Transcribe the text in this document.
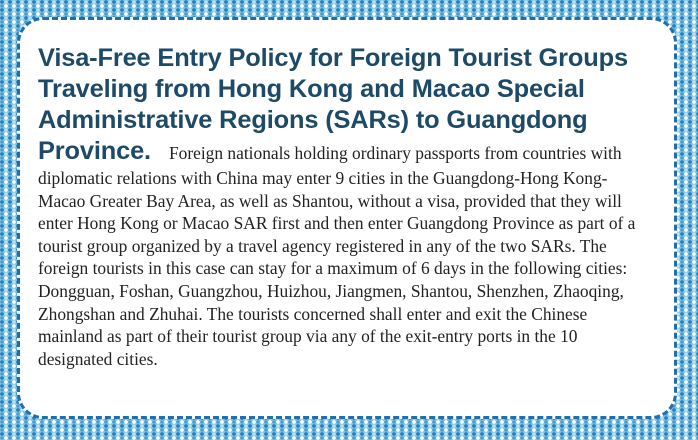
Visa-Free Entry Policy for Foreign Tourist Groups Traveling from Hong Kong and Macao Special Administrative Regions (SARs) to Guangdong Province. Foreign nationals holding ordinary passports from countries with diplomatic relations with China may enter 9 cities in the Guangdong-Hong Kong-Macao Greater Bay Area, as well as Shantou, without a visa, provided that they will enter Hong Kong or Macao SAR first and then enter Guangdong Province as part of a tourist group organized by a travel agency registered in any of the two SARs. The foreign tourists in this case can stay for a maximum of 6 days in the following cities: Dongguan, Foshan, Guangzhou, Huizhou, Jiangmen, Shantou, Shenzhen, Zhaoqing, Zhongshan and Zhuhai. The tourists concerned shall enter and exit the Chinese mainland as part of their tourist group via any of the exit-entry ports in the 10 designated cities.
